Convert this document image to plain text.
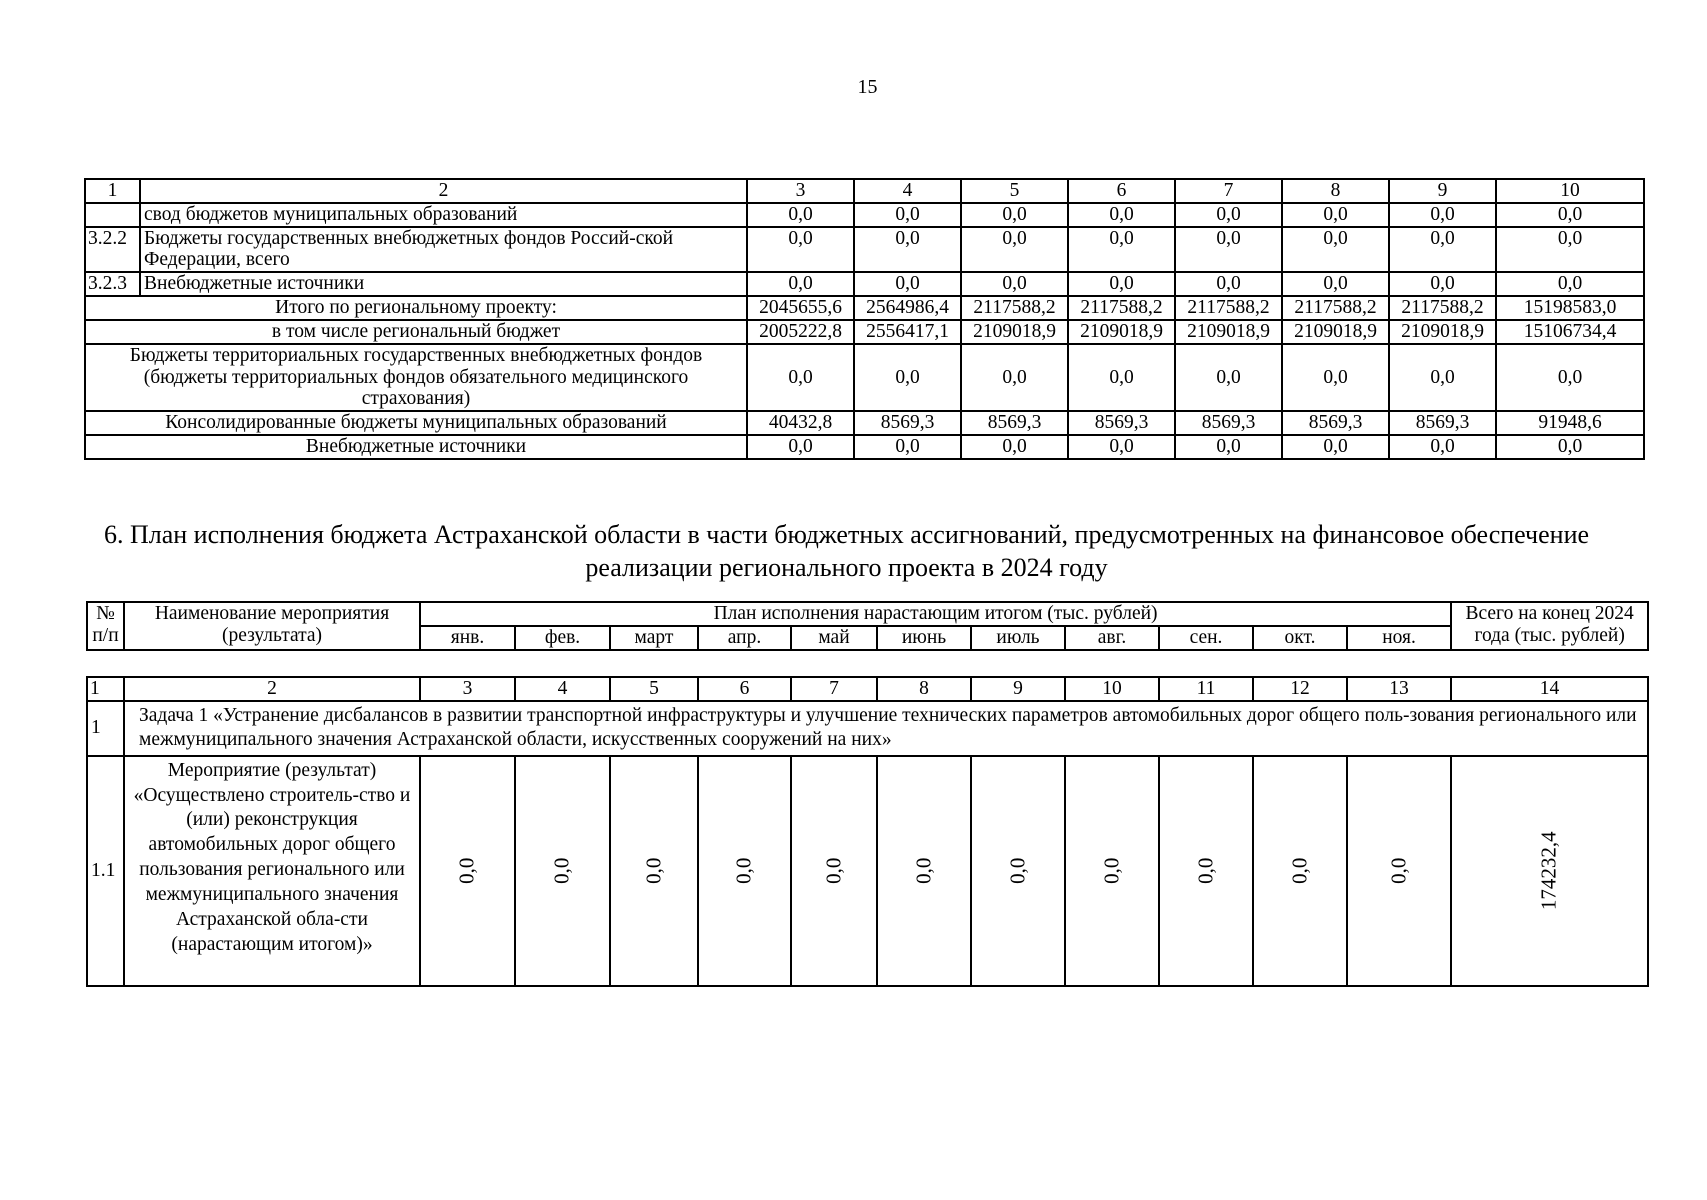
15
1	2	3	4	5	6	7	8	9	10
	свод бюджетов муниципальных образований	0,0	0,0	0,0	0,0	0,0	0,0	0,0	0,0
3.2.2	Бюджеты государственных внебюджетных фондов Россий-ской Федерации, всего	0,0	0,0	0,0	0,0	0,0	0,0	0,0	0,0
3.2.3	Внебюджетные источники	0,0	0,0	0,0	0,0	0,0	0,0	0,0	0,0
Итого по региональному проекту:		2045655,6	2564986,4	2117588,2	2117588,2	2117588,2	2117588,2	2117588,2	15198583,0
в том числе региональный бюджет		2005222,8	2556417,1	2109018,9	2109018,9	2109018,9	2109018,9	2109018,9	15106734,4
Бюджеты территориальных государственных внебюджетных фондов (бюджеты территориальных фондов обязательного медицинского страхования)		0,0	0,0	0,0	0,0	0,0	0,0	0,0	0,0
Консолидированные бюджеты муниципальных образований		40432,8	8569,3	8569,3	8569,3	8569,3	8569,3	8569,3	91948,6
Внебюджетные источники		0,0	0,0	0,0	0,0	0,0	0,0	0,0	0,0
6. План исполнения бюджета Астраханской области в части бюджетных ассигнований, предусмотренных на финансовое обеспечение реализации регионального проекта в 2024 году
№ п/п	Наименование мероприятия (результата)	План исполнения нарастающим итогом (тыс. рублей)											Всего на конец 2024 года (тыс. рублей)
		янв.	фев.	март	апр.	май	июнь	июль	авг.	сен.	окт.	ноя.	
1	2	3	4	5	6	7	8	9	10	11	12	13	14
1	Задача 1 «Устранение дисбалансов в развитии транспортной инфраструктуры и улучшение технических параметров автомобильных дорог общего поль-зования регионального или межмуниципального значения Астраханской области, искусственных сооружений на них»												
1.1	Мероприятие (результат) «Осуществлено строитель-ство и (или) реконструкция автомобильных дорог общего пользования регионального или межмуниципального значения Астраханской обла-сти (нарастающим итогом)»	0,0	0,0	0,0	0,0	0,0	0,0	0,0	0,0	0,0	0,0	0,0	174232,4
